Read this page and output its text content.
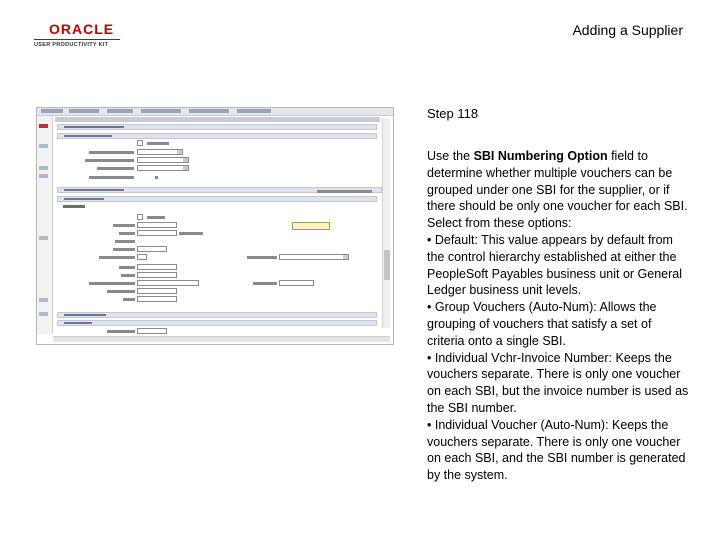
ORACLE
USER PRODUCTIVITY KIT
Adding a Supplier
Step 118
Use the SBI Numbering Option field to determine whether multiple vouchers can be grouped under one SBI for the supplier, or if there should be only one voucher for each SBI. Select from these options:
• Default: This value appears by default from the control hierarchy established at either the PeopleSoft Payables business unit or General Ledger business unit levels.
• Group Vouchers (Auto-Num): Allows the grouping of vouchers that satisfy a set of criteria onto a single SBI.
• Individual Vchr-Invoice Number: Keeps the vouchers separate. There is only one voucher on each SBI, but the invoice number is used as the SBI number.
• Individual Voucher (Auto-Num): Keeps the vouchers separate. There is only one voucher on each SBI, and the SBI number is generated by the system.
